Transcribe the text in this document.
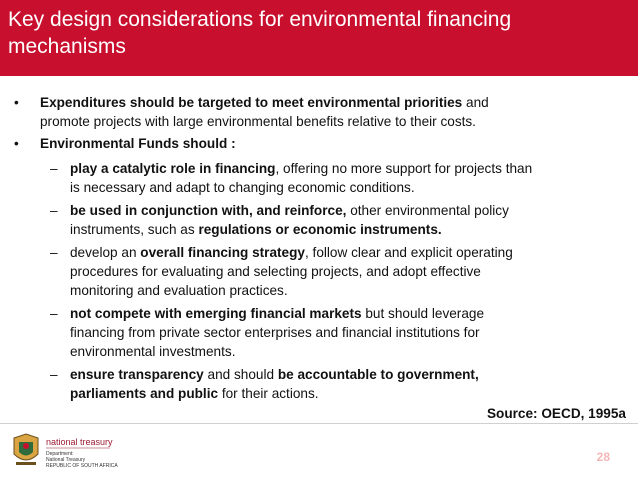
Key design considerations for environmental financing mechanisms
• Expenditures should be targeted to meet environmental priorities and
promote projects with large environmental benefits relative to their costs.
• Environmental Funds should :
– play a catalytic role in financing, offering no more support for projects than
is necessary and adapt to changing economic conditions.
– be used in conjunction with, and reinforce, other environmental policy
instruments, such as regulations or economic instruments.
– develop an overall financing strategy, follow clear and explicit operating
procedures for evaluating and selecting projects, and adopt effective
monitoring and evaluation practices.
– not compete with emerging financial markets but should leverage
financing from private sector enterprises and financial institutions for
environmental investments.
– ensure transparency and should be accountable to government,
parliaments and public for their actions.
Source: OECD, 1995a
national treasury
Department:
National Treasury
REPUBLIC OF SOUTH AFRICA
28
